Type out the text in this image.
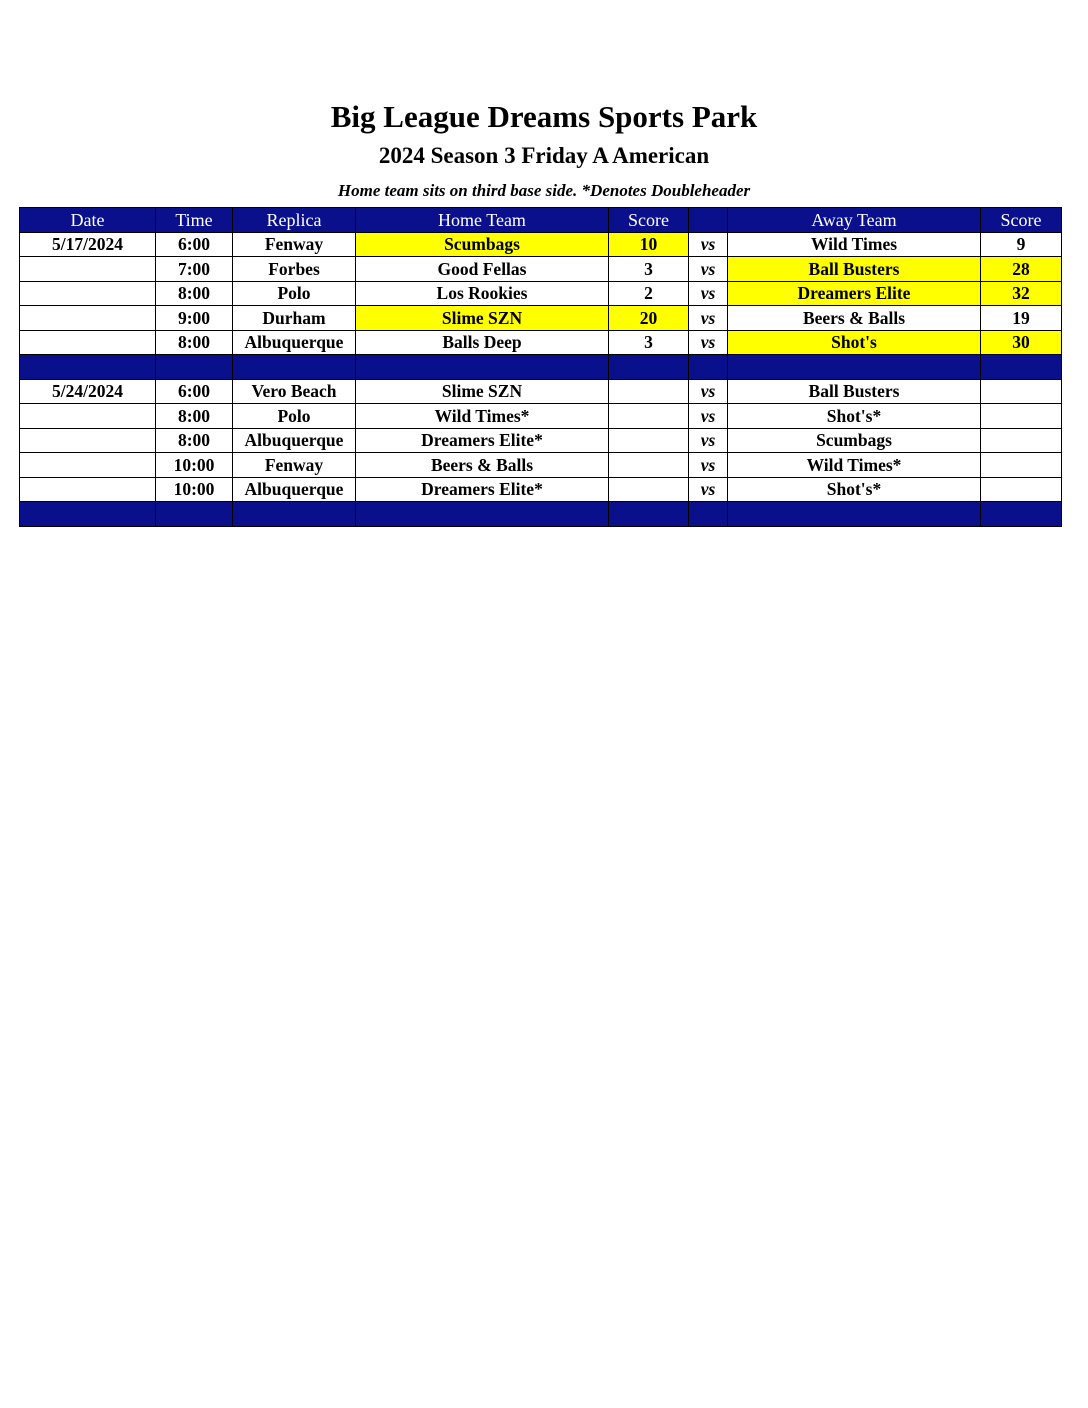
Big League Dreams Sports Park
2024 Season 3 Friday A American
Home team sits on third base side. *Denotes Doubleheader
Date	Time	Replica	Home Team	Score		Away Team	Score
5/17/2024	6:00	Fenway	Scumbags	10	vs	Wild Times	9
	7:00	Forbes	Good Fellas	3	vs	Ball Busters	28
	8:00	Polo	Los Rookies	2	vs	Dreamers Elite	32
	9:00	Durham	Slime SZN	20	vs	Beers & Balls	19
	8:00	Albuquerque	Balls Deep	3	vs	Shot's	30

5/24/2024	6:00	Vero Beach	Slime SZN		vs	Ball Busters	
	8:00	Polo	Wild Times*		vs	Shot's*	
	8:00	Albuquerque	Dreamers Elite*		vs	Scumbags	
	10:00	Fenway	Beers & Balls		vs	Wild Times*	
	10:00	Albuquerque	Dreamers Elite*		vs	Shot's*	
